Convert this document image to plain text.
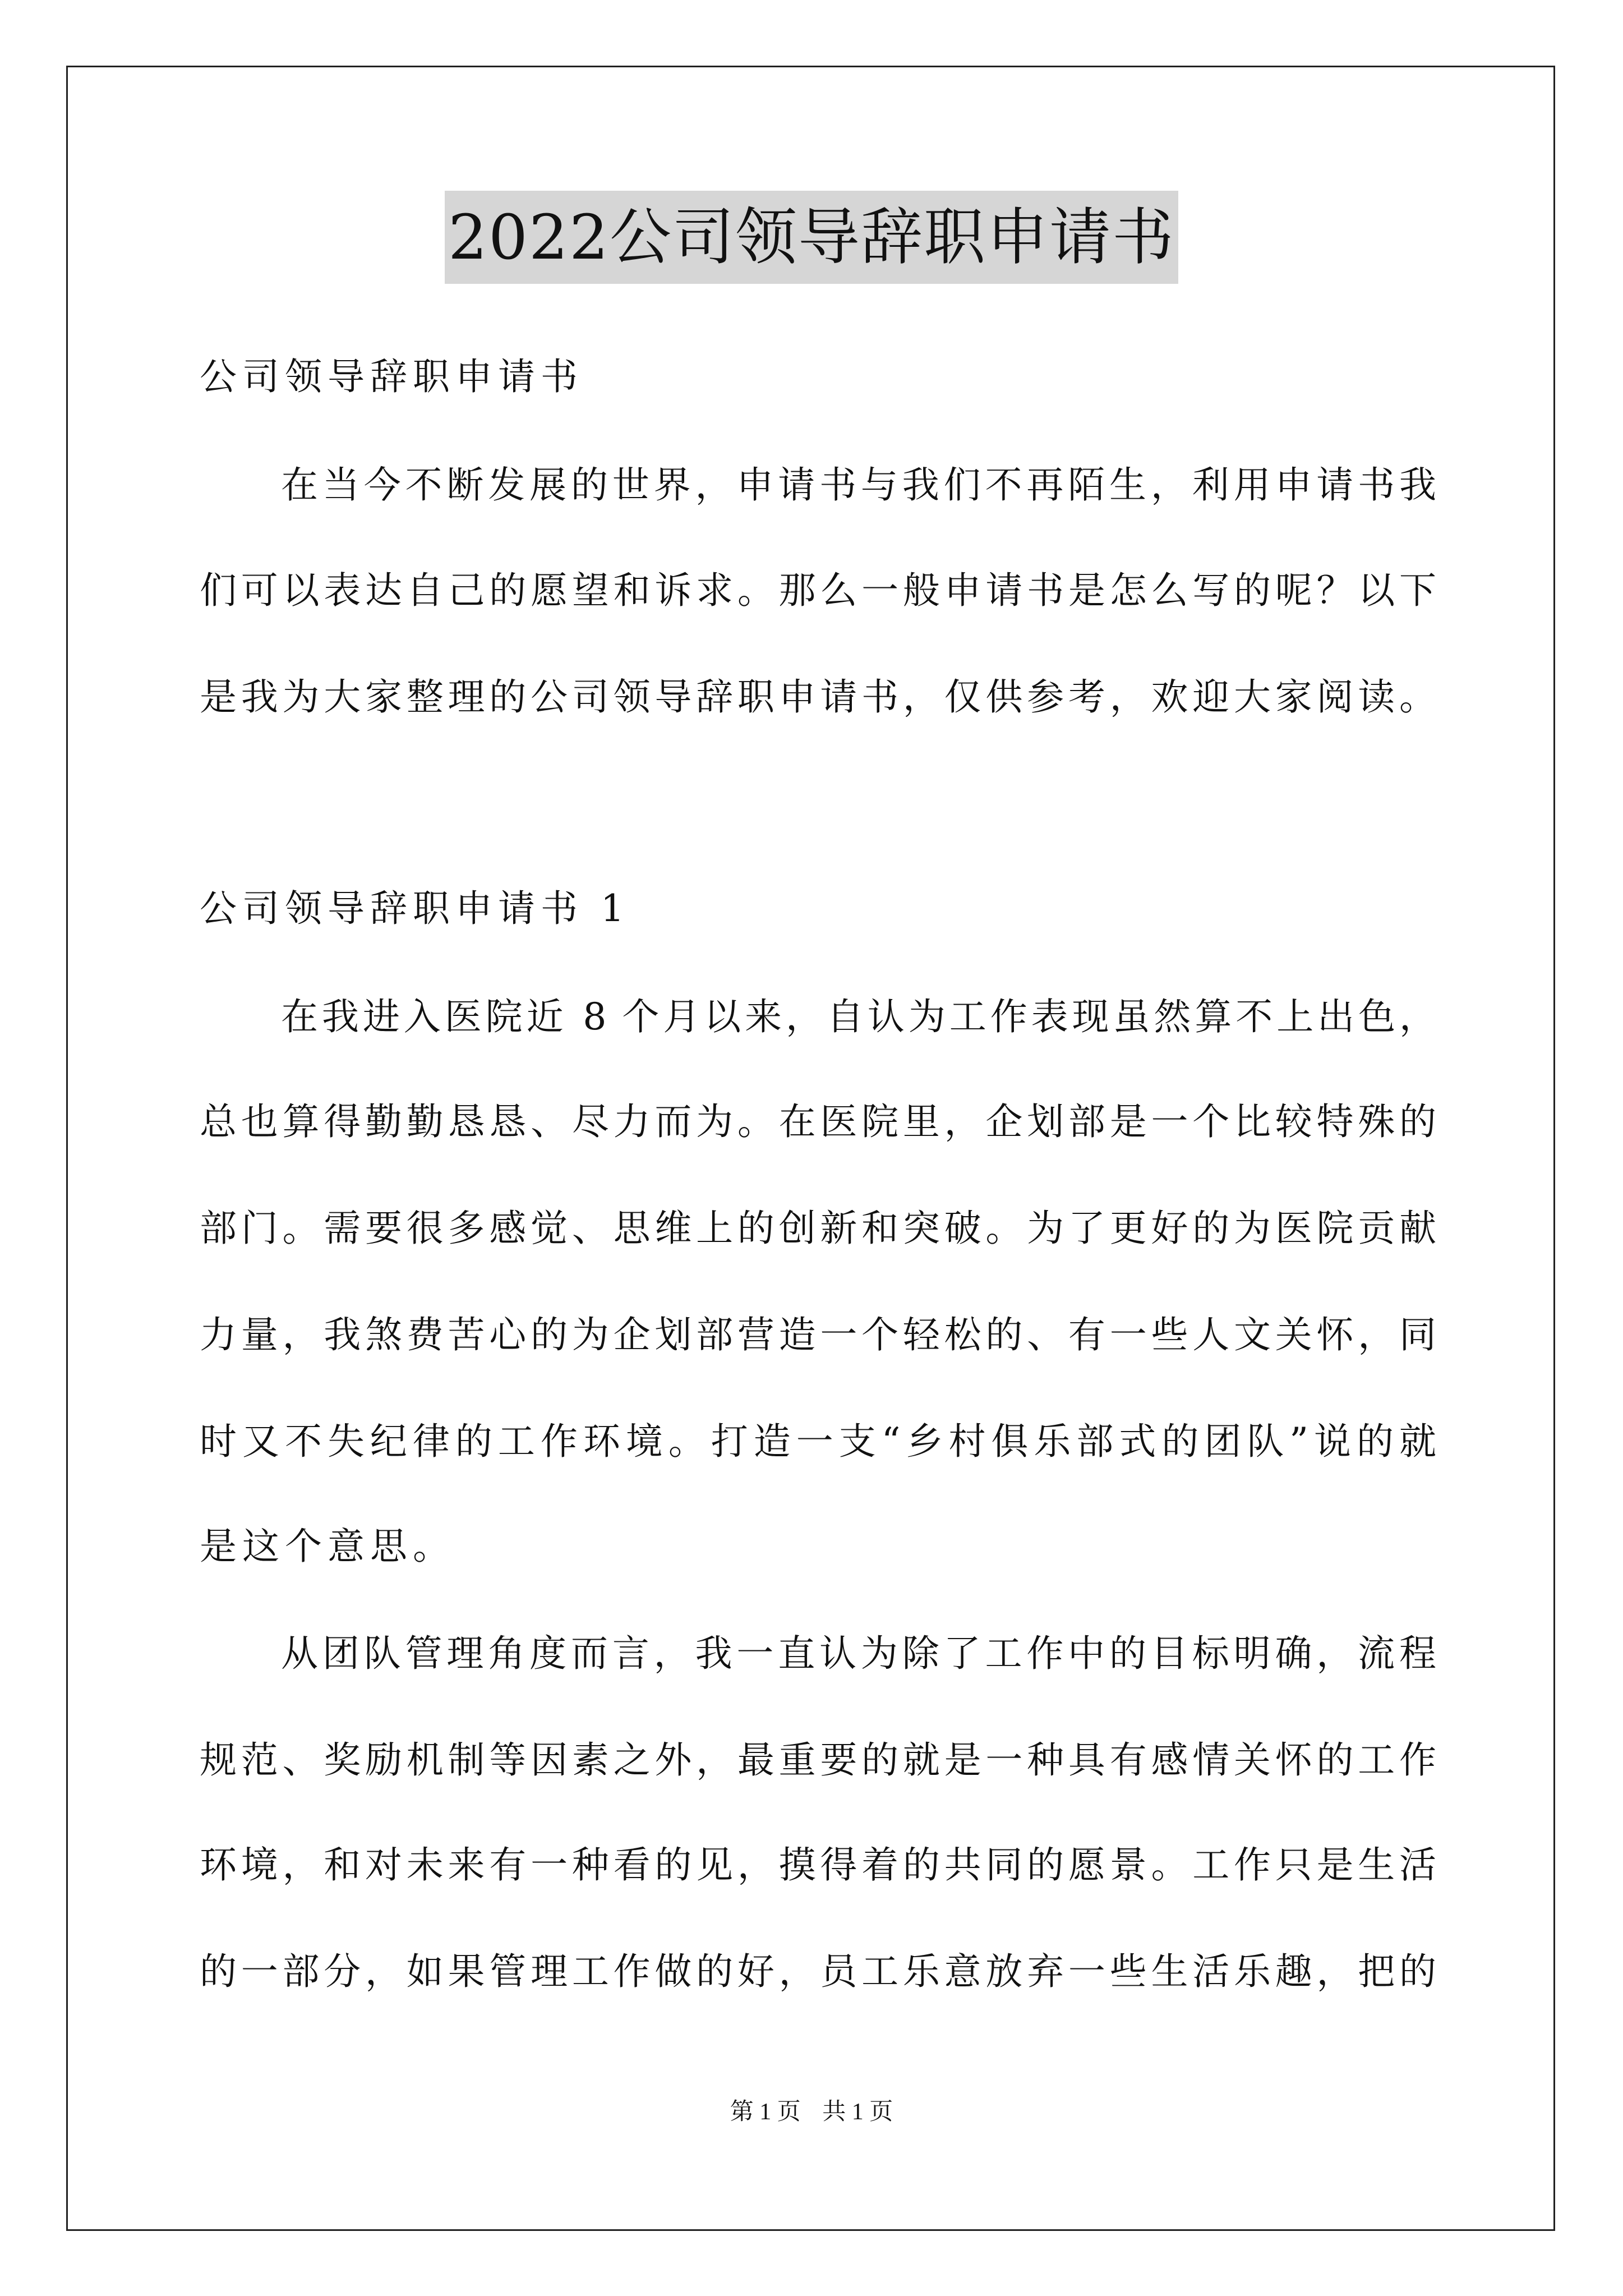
2022公司领导辞职申请书
公司领导辞职申请书
在当今不断发展的世界，申请书与我们不再陌生，利用申请书我
们可以表达自己的愿望和诉求。那么一般申请书是怎么写的呢？以下
是我为大家整理的公司领导辞职申请书，仅供参考，欢迎大家阅读。
公司领导辞职申请书 1
在我进入医院近 8 个月以来，自认为工作表现虽然算不上出色，
总也算得勤勤恳恳、尽力而为。在医院里，企划部是一个比较特殊的
部门。需要很多感觉、思维上的创新和突破。为了更好的为医院贡献
力量，我煞费苦心的为企划部营造一个轻松的、有一些人文关怀，同
时又不失纪律的工作环境。打造一支“乡村俱乐部式的团队”说的就
是这个意思。
从团队管理角度而言，我一直认为除了工作中的目标明确，流程
规范、奖励机制等因素之外，最重要的就是一种具有感情关怀的工作
环境，和对未来有一种看的见，摸得着的共同的愿景。工作只是生活
的一部分，如果管理工作做的好，员工乐意放弃一些生活乐趣，把的
第 1 页 共 1 页
